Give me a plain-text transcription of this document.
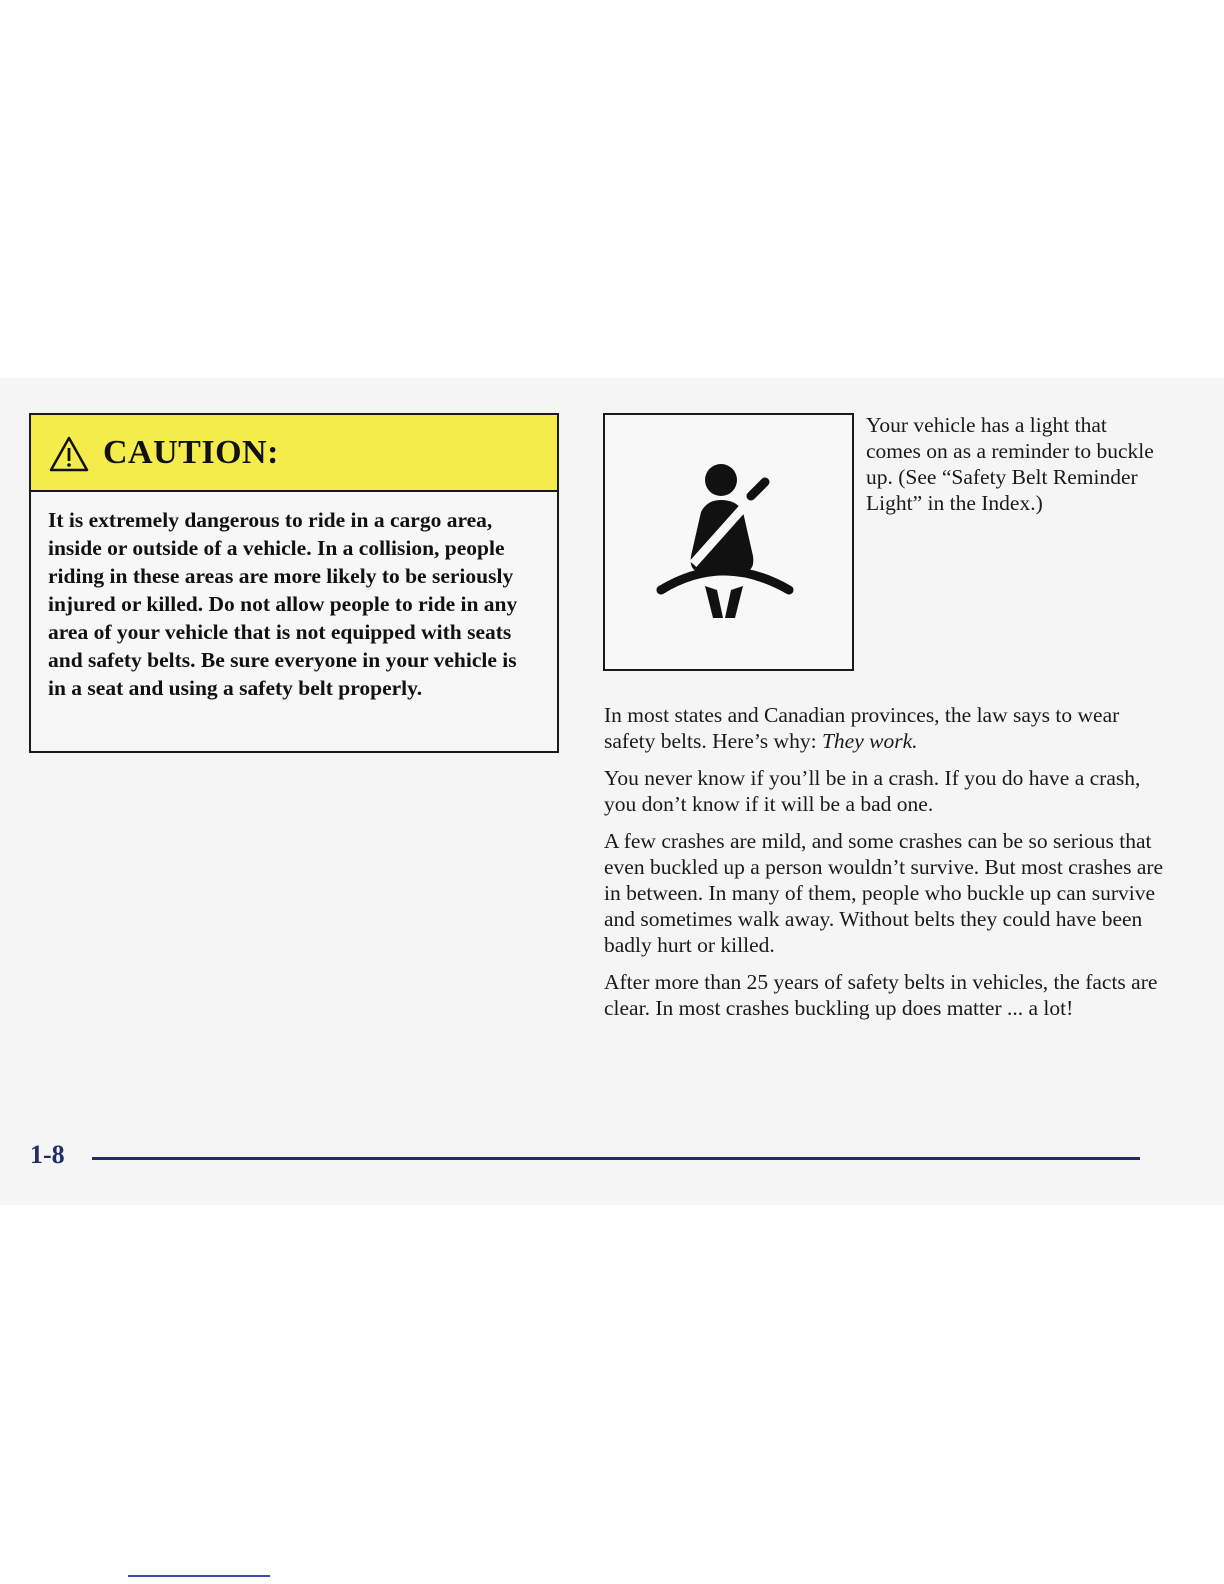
CAUTION:
It is extremely dangerous to ride in a cargo area, inside or outside of a vehicle. In a collision, people riding in these areas are more likely to be seriously injured or killed. Do not allow people to ride in any area of your vehicle that is not equipped with seats and safety belts. Be sure everyone in your vehicle is in a seat and using a safety belt properly.
Your vehicle has a light that comes on as a reminder to buckle up. (See “Safety Belt Reminder Light” in the Index.)

In most states and Canadian provinces, the law says to wear safety belts. Here’s why: They work.

You never know if you’ll be in a crash. If you do have a crash, you don’t know if it will be a bad one.

A few crashes are mild, and some crashes can be so serious that even buckled up a person wouldn’t survive. But most crashes are in between. In many of them, people who buckle up can survive and sometimes walk away. Without belts they could have been badly hurt or killed.

After more than 25 years of safety belts in vehicles, the facts are clear. In most crashes buckling up does matter ... a lot!

1-8
